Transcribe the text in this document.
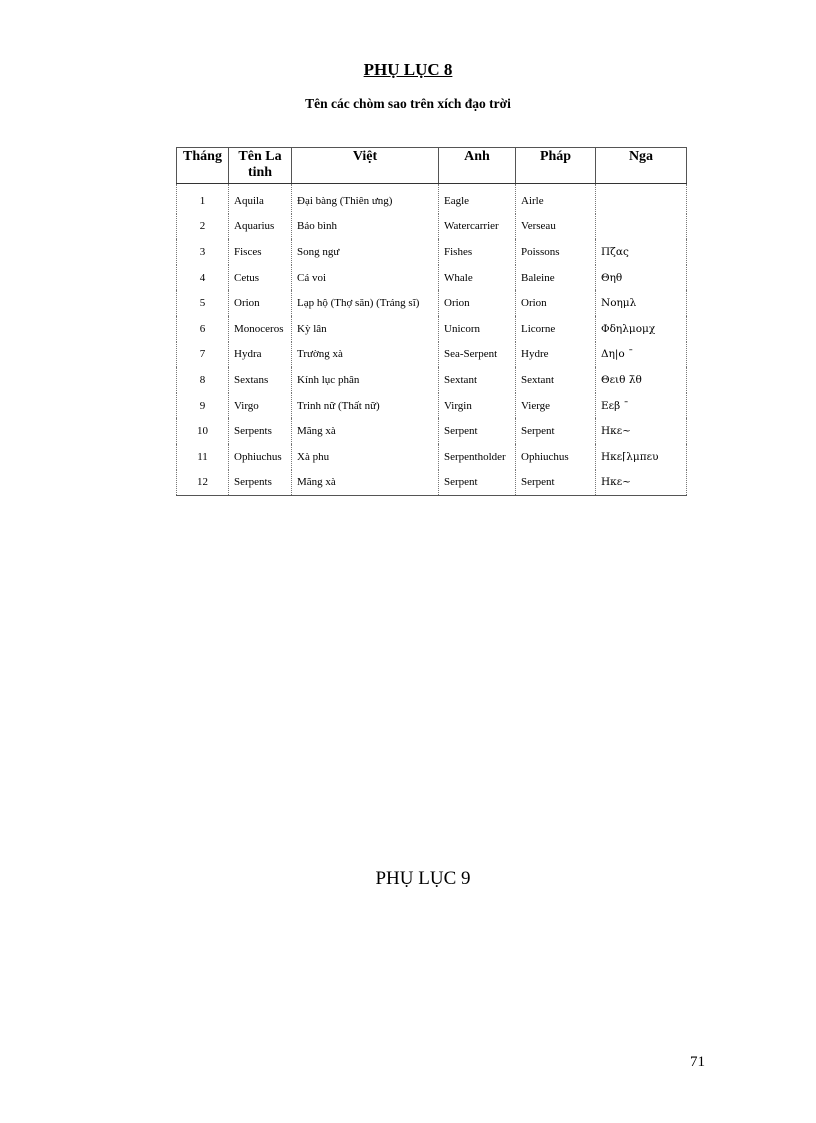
PHỤ LỤC 8
Tên các chòm sao trên xích đạo trời
Tháng	Tên La tinh	Việt	Anh	Pháp	Nga
1	Aquila	Đại bàng (Thiên ưng)	Eagle	Airle	
2	Aquarius	Bảo bình	Watercarrier	Verseau	
3	Fisces	Song ngư	Fishes	Poissons	Πζας
4	Cetus	Cá voi	Whale	Baleine	Θηθ
5	Orion	Lạp hộ (Thợ săn) (Tráng sĩ)	Orion	Orion	Νοημλ
6	Monoceros	Kỳ lân	Unicorn	Licorne	Φδηλμομχ
7	Hydra	Trường xà	Sea-Serpent	Hydre	Δη|ο ¯
8	Sextans	Kính lục phân	Sextant	Sextant	Θειθ λ̄θ
9	Virgo	Trinh nữ (Thất nữ)	Virgin	Vierge	Εεβ ¯
10	Serpents	Mãng xà	Serpent	Serpent	Ηκε~
11	Ophiuchus	Xà phu	Serpentholder	Ophiuchus	Ηκε⌈λμπευ
12	Serpents	Mãng xà	Serpent	Serpent	Ηκε~
PHỤ LỤC 9
71
